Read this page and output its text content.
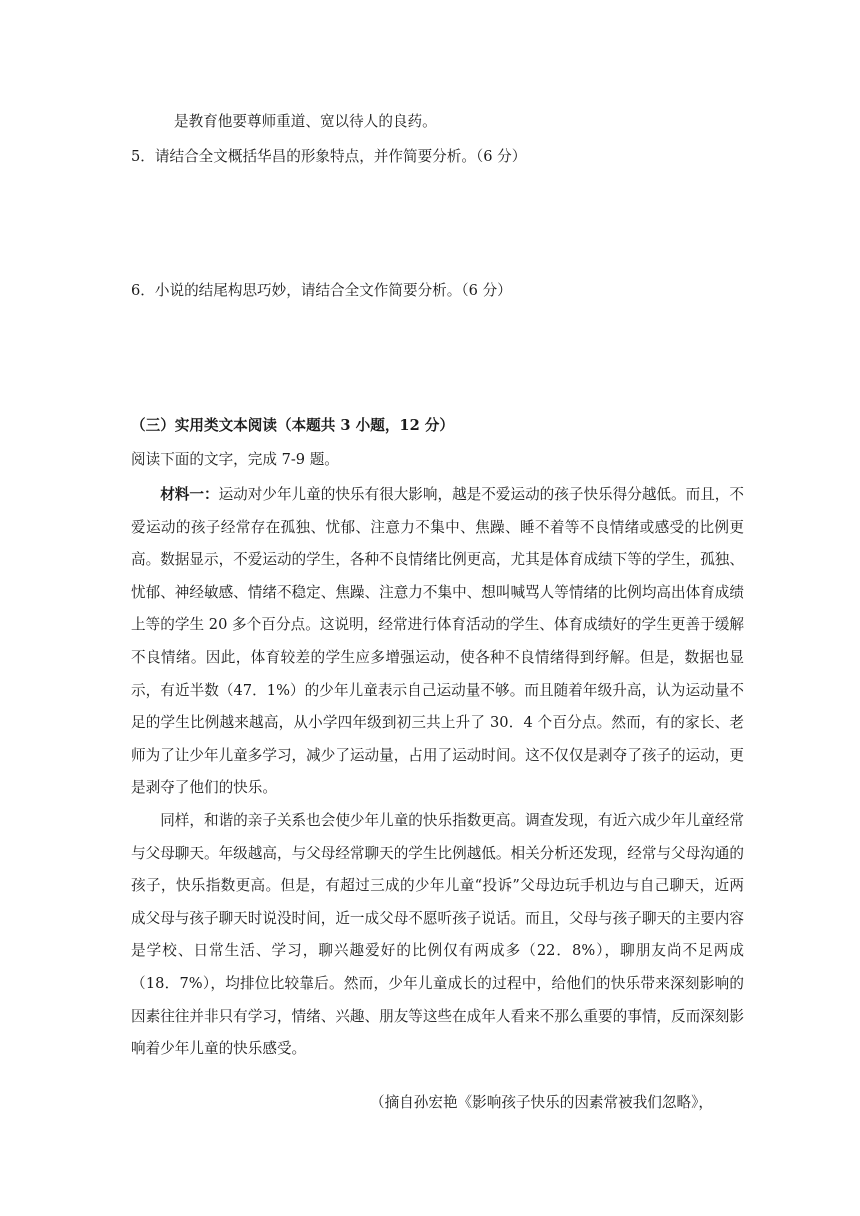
是教育他要尊师重道、宽以待人的良药。
5．请结合全文概括华昌的形象特点，并作简要分析。（6 分）
6．小说的结尾构思巧妙，请结合全文作简要分析。（6 分）
（三）实用类文本阅读（本题共 3 小题，12 分）
阅读下面的文字，完成 7-9 题。

材料一：运动对少年儿童的快乐有很大影响，越是不爱运动的孩子快乐得分越低。而且，不爱运动的孩子经常存在孤独、忧郁、注意力不集中、焦躁、睡不着等不良情绪或感受的比例更高。数据显示，不爱运动的学生，各种不良情绪比例更高，尤其是体育成绩下等的学生，孤独、忧郁、神经敏感、情绪不稳定、焦躁、注意力不集中、想叫喊骂人等情绪的比例均高出体育成绩上等的学生 20 多个百分点。这说明，经常进行体育活动的学生、体育成绩好的学生更善于缓解不良情绪。因此，体育较差的学生应多增强运动，使各种不良情绪得到纾解。但是，数据也显示，有近半数（47．1%）的少年儿童表示自己运动量不够。而且随着年级升高，认为运动量不足的学生比例越来越高，从小学四年级到初三共上升了 30．4 个百分点。然而，有的家长、老师为了让少年儿童多学习，减少了运动量，占用了运动时间。这不仅仅是剥夺了孩子的运动，更是剥夺了他们的快乐。

同样，和谐的亲子关系也会使少年儿童的快乐指数更高。调查发现，有近六成少年儿童经常与父母聊天。年级越高，与父母经常聊天的学生比例越低。相关分析还发现，经常与父母沟通的孩子，快乐指数更高。但是，有超过三成的少年儿童“投诉”父母边玩手机边与自己聊天，近两成父母与孩子聊天时说没时间，近一成父母不愿听孩子说话。而且，父母与孩子聊天的主要内容是学校、日常生活、学习，聊兴趣爱好的比例仅有两成多（22．8%），聊朋友尚不足两成（18．7%），均排位比较靠后。然而，少年儿童成长的过程中，给他们的快乐带来深刻影响的因素往往并非只有学习，情绪、兴趣、朋友等这些在成年人看来不那么重要的事情，反而深刻影响着少年儿童的快乐感受。

（摘自孙宏艳《影响孩子快乐的因素常被我们忽略》，
